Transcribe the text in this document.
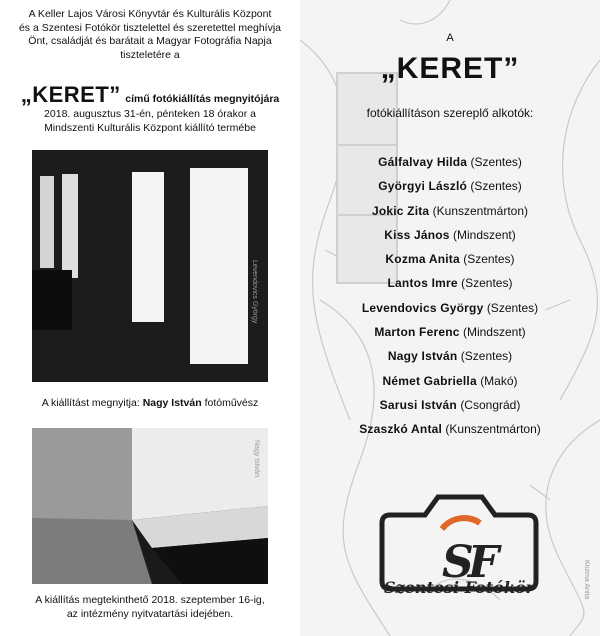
A Keller Lajos Városi Könyvtár és Kulturális Központ
és a Szentesi Fotókör tisztelettel és szeretettel meghívja
Önt, családját és barátait a Magyar Fotográfia Napja
tiszteletére a
„KERET” című fotókiállítás megnyitójára
2018. augusztus 31-én, pénteken 18 órakor a
Mindszenti Kulturális Központ kiállító termébe
Levendovics György
A kiállítást megnyitja: Nagy István fotóművész
Nagy István
A kiállítás megtekinthető 2018. szeptember 16-ig,
az intézmény nyitvatartási idejében.
A
„KERET”
fotókiállításon szereplő alkotók:
Gálfalvay Hilda (Szentes)
Györgyi László (Szentes)
Jokic Zita (Kunszentmárton)
Kiss János (Mindszent)
Kozma Anita (Szentes)
Lantos Imre (Szentes)
Levendovics György (Szentes)
Marton Ferenc (Mindszent)
Nagy István (Szentes)
Német Gabriella (Makó)
Sarusi István (Csongrád)
Szaszkó Antal (Kunszentmárton)
S
F
Szentesi Fotókör	Kozma Anita
